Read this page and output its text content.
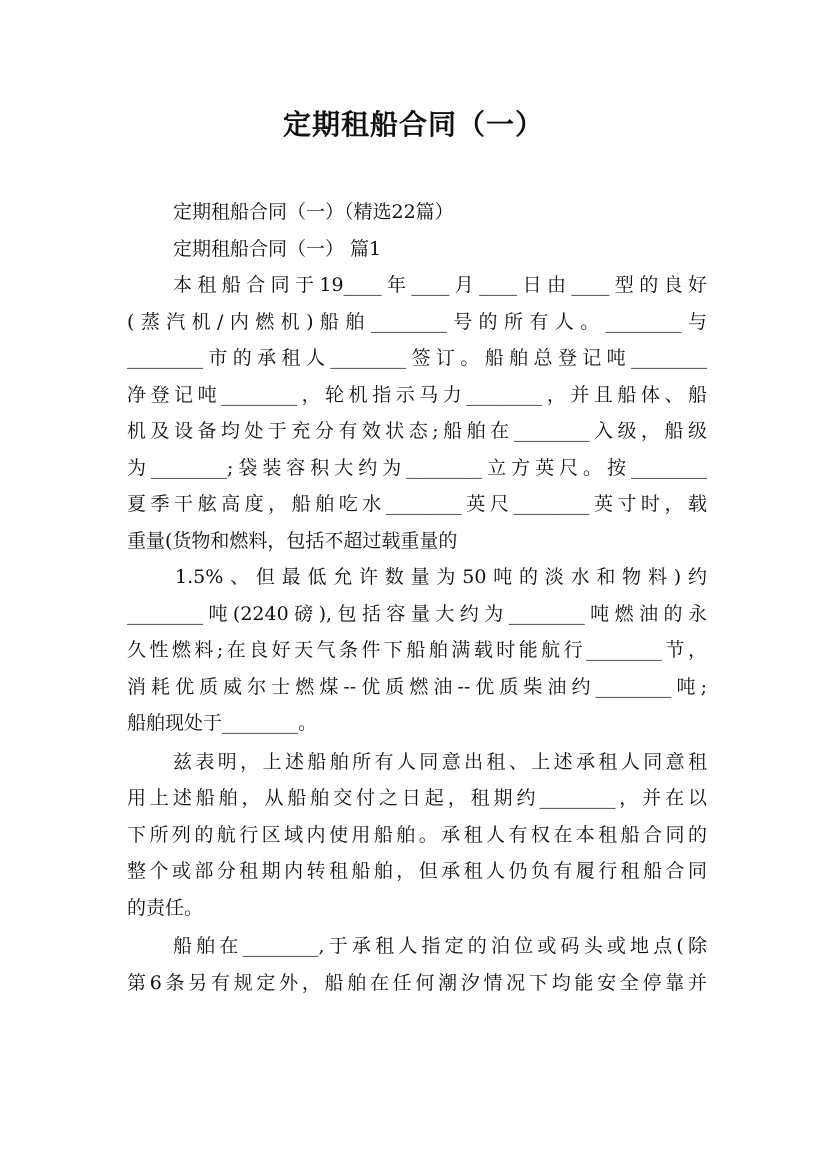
定期租船合同（一）
定期租船合同（一）（精选22篇）
定期租船合同（一） 篇1
本租船合同于19____年____月____日由____型的良好
(蒸汽机/内燃机)船舶________号的所有人。________与
________市的承租人________签订。船舶总登记吨________
净登记吨________，轮机指示马力________，并且船体、船
机及设备均处于充分有效状态;船舶在________入级，船级
为________;袋装容积大约为________立方英尺。按________
夏季干舷高度，船舶吃水________英尺________英寸时，载
重量(货物和燃料，包括不超过载重量的
1.5%、但最低允许数量为50吨的淡水和物料)约
________吨(2240磅),包括容量大约为________吨燃油的永
久性燃料;在良好天气条件下船舶满载时能航行________节，
消耗优质威尔士燃煤--优质燃油--优质柴油约________吨;
船舶现处于________。
兹表明，上述船舶所有人同意出租、上述承租人同意租
用上述船舶，从船舶交付之日起，租期约________，并在以
下所列的航行区域内使用船舶。承租人有权在本租船合同的
整个或部分租期内转租船舶，但承租人仍负有履行租船合同
的责任。
船舶在________,于承租人指定的泊位或码头或地点(除
第6条另有规定外，船舶在任何潮汐情况下均能安全停靠并
